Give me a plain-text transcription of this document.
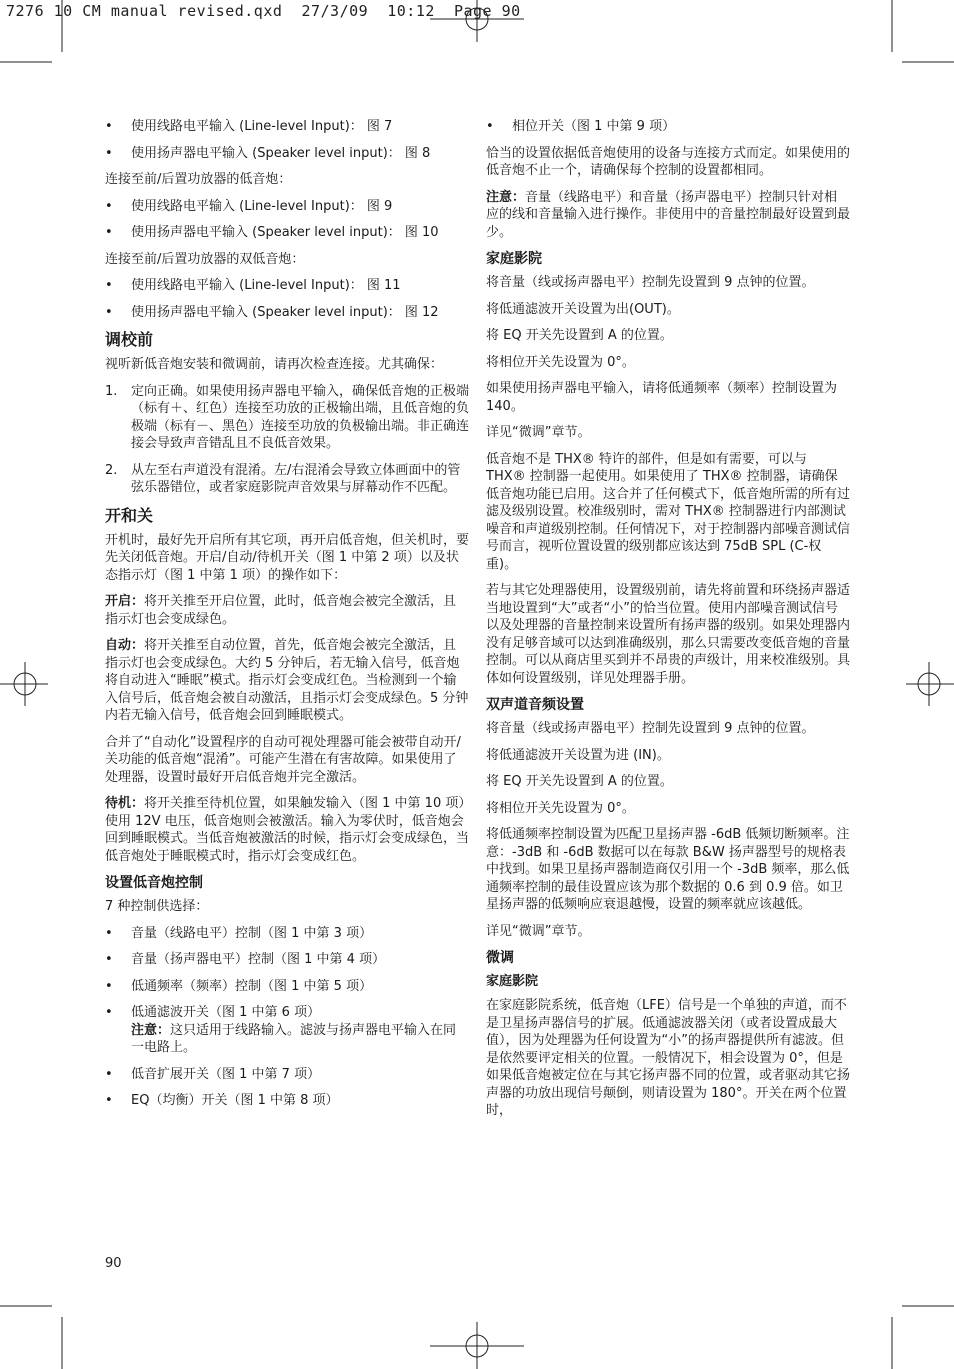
7276 10 CM manual revised.qxd  27/3/09  10:12  Page 90
• 使用线路电平输入 (Line-level Input)： 图 7
• 使用扬声器电平输入 (Speaker level input)： 图 8

连接至前/后置功放器的低音炮：

• 使用线路电平输入 (Line-level Input)： 图 9
• 使用扬声器电平输入 (Speaker level input)： 图 10

连接至前/后置功放器的双低音炮：

• 使用线路电平输入 (Line-level Input)： 图 11
• 使用扬声器电平输入 (Speaker level input)： 图 12
调校前

视听新低音炮安装和微调前，请再次检查连接。尤其确保：

1. 定向正确。如果使用扬声器电平输入，确保低音炮的正极端（标有＋、红色）连接至功放的正极输出端，且低音炮的负极端（标有－、黑色）连接至功放的负极输出端。非正确连接会导致声音错乱且不良低音效果。
2. 从左至右声道没有混淆。左/右混淆会导致立体画面中的管弦乐器错位，或者家庭影院声音效果与屏幕动作不匹配。
开和关

开机时，最好先开启所有其它项，再开启低音炮，但关机时，要先关闭低音炮。开启/自动/待机开关（图 1 中第 2 项）以及状态指示灯（图 1 中第 1 项）的操作如下：

开启：将开关推至开启位置，此时，低音炮会被完全激活，且指示灯也会变成绿色。

自动：将开关推至自动位置，首先，低音炮会被完全激活，且指示灯也会变成绿色。大约 5 分钟后，若无输入信号，低音炮将自动进入“睡眠”模式。指示灯会变成红色。当检测到一个输入信号后，低音炮会被自动激活，且指示灯会变成绿色。5 分钟内若无输入信号，低音炮会回到睡眠模式。

合并了“自动化”设置程序的自动可视处理器可能会被带自动开/关功能的低音炮“混淆”。可能产生潜在有害故障。如果使用了处理器，设置时最好开启低音炮并完全激活。

待机：将开关推至待机位置，如果触发输入（图 1 中第 10 项）使用 12V 电压，低音炮则会被激活。输入为零伏时，低音炮会回到睡眠模式。当低音炮被激活的时候，指示灯会变成绿色，当低音炮处于睡眠模式时，指示灯会变成红色。

设置低音炮控制

7 种控制供选择：

• 音量（线路电平）控制（图 1 中第 3 项）
• 音量（扬声器电平）控制（图 1 中第 4 项）
• 低通频率（频率）控制（图 1 中第 5 项）
• 低通滤波开关（图 1 中第 6 项）
注意：这只适用于线路输入。滤波与扬声器电平输入在同一电路上。
• 低音扩展开关（图 1 中第 7 项）
• EQ（均衡）开关（图 1 中第 8 项）
• 相位开关（图 1 中第 9 项）

恰当的设置依据低音炮使用的设备与连接方式而定。如果使用的低音炮不止一个，请确保每个控制的设置都相同。

注意：音量（线路电平）和音量（扬声器电平）控制只针对相应的线和音量输入进行操作。非使用中的音量控制最好设置到最少。

家庭影院

将音量（线或扬声器电平）控制先设置到 9 点钟的位置。

将低通滤波开关设置为出(OUT)。

将 EQ 开关先设置到 A 的位置。

将相位开关先设置为 0°。

如果使用扬声器电平输入，请将低通频率（频率）控制设置为 140。

详见“微调”章节。

低音炮不是 THX® 特许的部件，但是如有需要，可以与 THX® 控制器一起使用。如果使用了 THX® 控制器，请确保低音炮功能已启用。这合并了任何模式下，低音炮所需的所有过滤及级别设置。校准级别时，需对 THX® 控制器进行内部测试噪音和声道级别控制。任何情况下，对于控制器内部噪音测试信号而言，视听位置设置的级别都应该达到 75dB SPL (C-权重)。

若与其它处理器使用，设置级别前，请先将前置和环绕扬声器适当地设置到“大”或者“小”的恰当位置。使用内部噪音测试信号以及处理器的音量控制来设置所有扬声器的级别。如果处理器内没有足够音域可以达到准确级别，那么只需要改变低音炮的音量控制。可以从商店里买到并不昂贵的声级计，用来校准级别。具体如何设置级别，详见处理器手册。

双声道音频设置

将音量（线或扬声器电平）控制先设置到 9 点钟的位置。

将低通滤波开关设置为进 (IN)。

将 EQ 开关先设置到 A 的位置。

将相位开关先设置为 0°。

将低通频率控制设置为匹配卫星扬声器 -6dB 低频切断频率。注意：-3dB 和 -6dB 数据可以在每款 B&W 扬声器型号的规格表中找到。如果卫星扬声器制造商仅引用一个 -3dB 频率，那么低通频率控制的最佳设置应该为那个数据的 0.6 到 0.9 倍。如卫星扬声器的低频响应衰退越慢，设置的频率就应该越低。

详见“微调”章节。

微调
家庭影院

在家庭影院系统，低音炮（LFE）信号是一个单独的声道，而不是卫星扬声器信号的扩展。低通滤波器关闭（或者设置成最大值），因为处理器为任何设置为“小”的扬声器提供所有滤波。但是依然要评定相关的位置。一般情况下，相会设置为 0°，但是如果低音炮被定位在与其它扬声器不同的位置，或者驱动其它扬声器的功放出现信号颠倒，则请设置为 180°。开关在两个位置时，

90
